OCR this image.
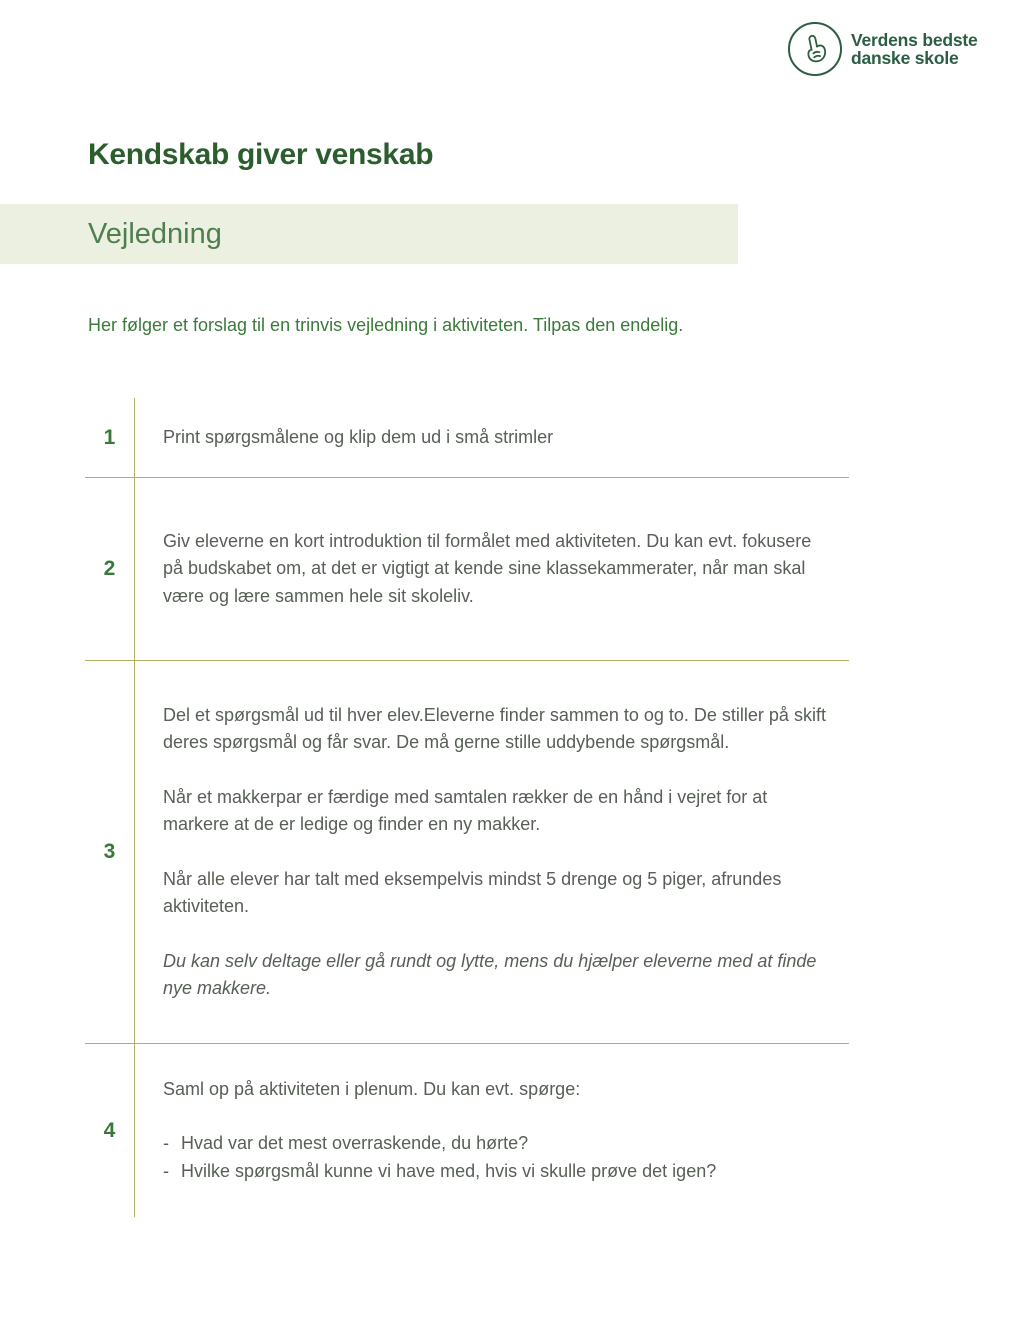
Verdens bedste
danske skole
Kendskab giver venskab
Vejledning

Her følger et forslag til en trinvis vejledning i aktiviteten. Tilpas den endelig.

1	Print spørgsmålene og klip dem ud i små strimler

2

Giv eleverne en kort introduktion til formålet med aktiviteten. Du kan evt. fokusere på budskabet om, at det er vigtigt at kende sine klassekammerater, når man skal være og lære sammen hele sit skoleliv.

3

Del et spørgsmål ud til hver elev.Eleverne finder sammen to og to. De stiller på skift deres spørgsmål og får svar. De må gerne stille uddybende spørgsmål.

Når et makkerpar er færdige med samtalen rækker de en hånd i vejret for at markere at de er ledige og finder en ny makker.

Når alle elever har talt med eksempelvis mindst 5 drenge og 5 piger, afrundes aktiviteten.

Du kan selv deltage eller gå rundt og lytte, mens du hjælper eleverne med at finde nye makkere.

4

Saml op på aktiviteten i plenum. Du kan evt. spørge:

- Hvad var det mest overraskende, du hørte?
- Hvilke spørgsmål kunne vi have med, hvis vi skulle prøve det igen?
